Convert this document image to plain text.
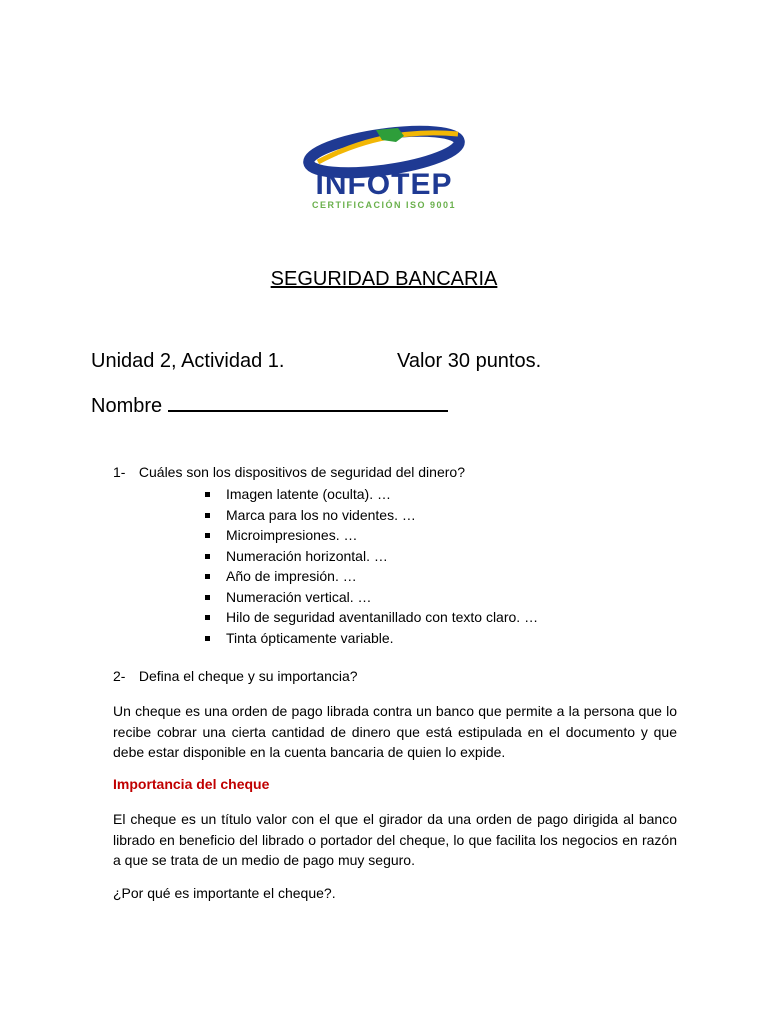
INFOTEP
CERTIFICACIÓN ISO 9001
SEGURIDAD BANCARIA
Unidad 2, Actividad 1.	Valor 30 puntos.
Nombre
1- Cuáles son los dispositivos de seguridad del dinero?
Imagen latente (oculta). …
Marca para los no videntes. …
Microimpresiones. …
Numeración horizontal. …
Año de impresión. …
Numeración vertical. …
Hilo de seguridad aventanillado con texto claro. …
Tinta ópticamente variable.
2- Defina el cheque y su importancia?

Un cheque es una orden de pago librada contra un banco que permite a la persona que lo recibe cobrar una cierta cantidad de dinero que está estipulada en el documento y que debe estar disponible en la cuenta bancaria de quien lo expide.

Importancia del cheque

El cheque es un título valor con el que el girador da una orden de pago dirigida al banco librado en beneficio del librado o portador del cheque, lo que facilita los negocios en razón a que se trata de un medio de pago muy seguro.

¿Por qué es importante el cheque?.
